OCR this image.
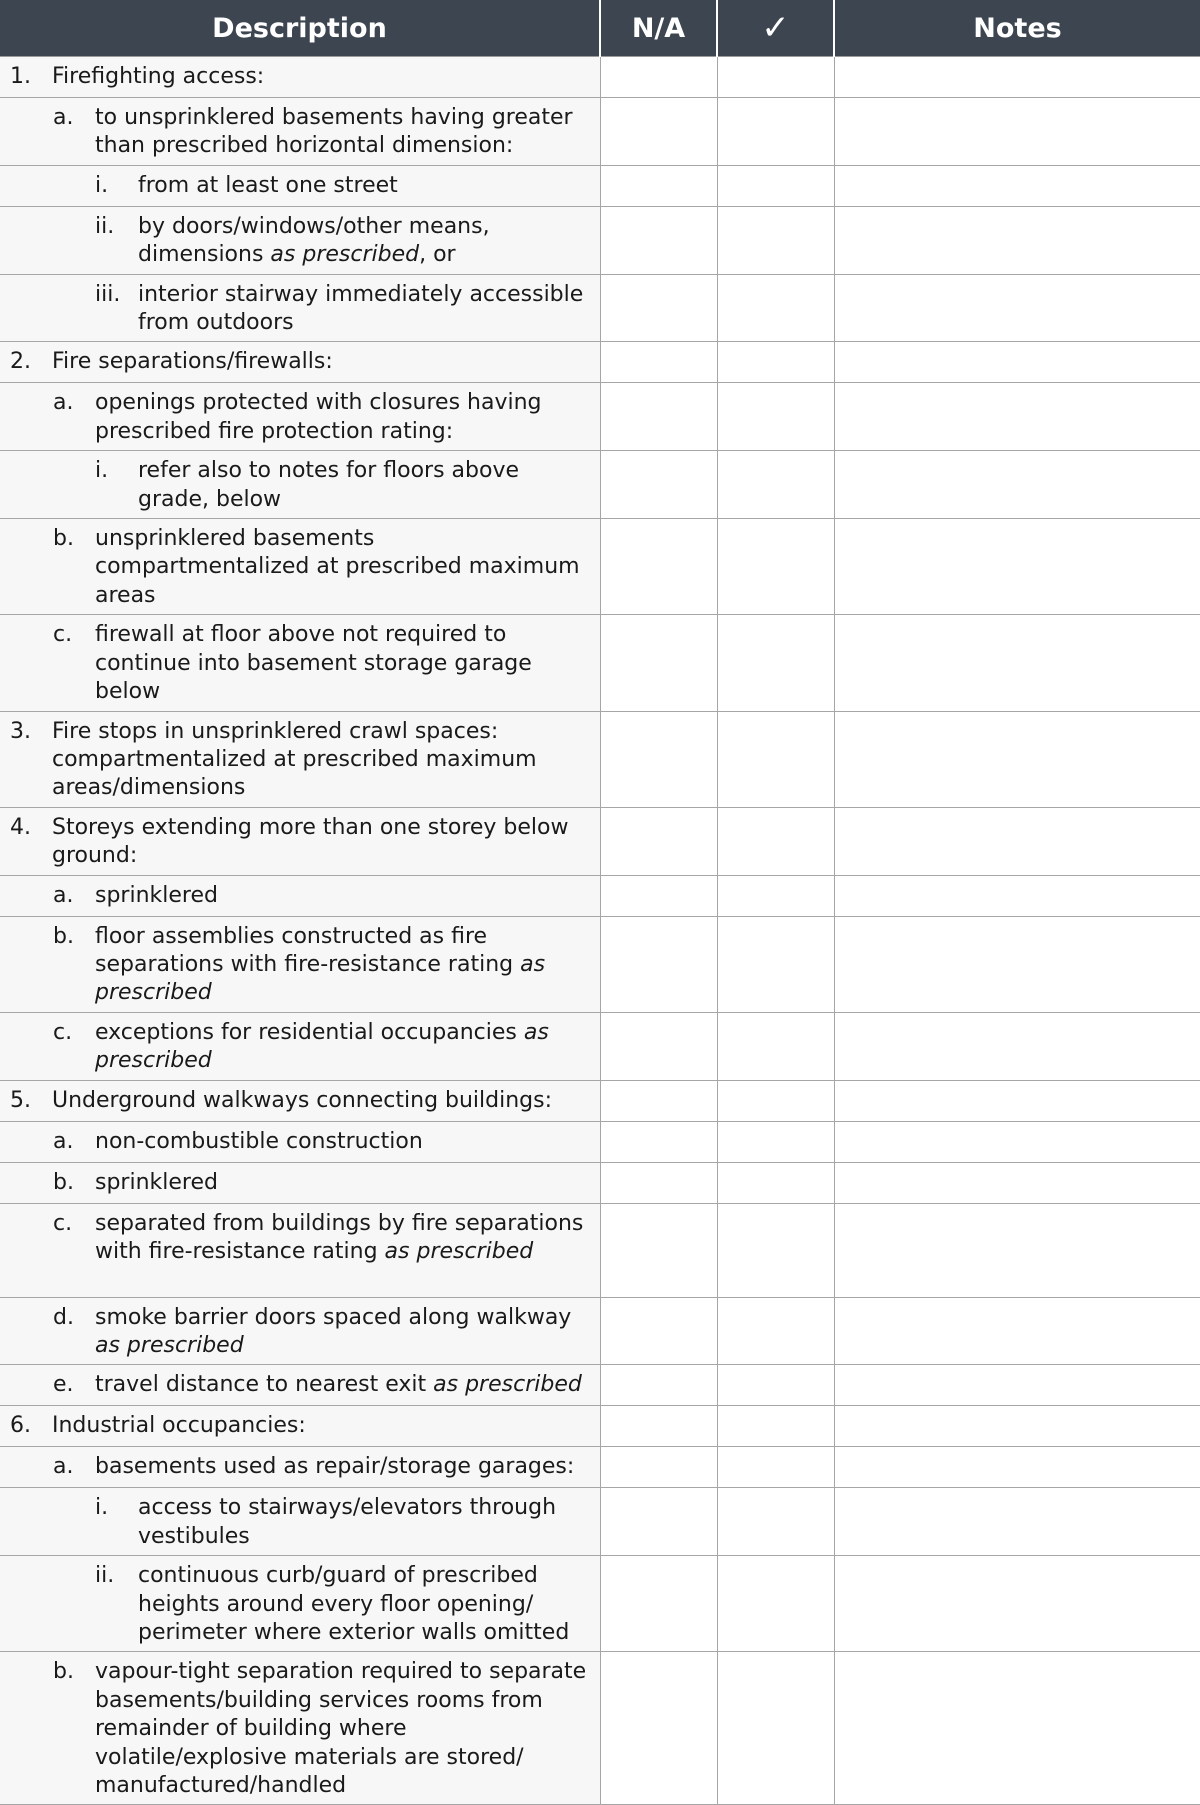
Description	N/A	✓	Notes

1. Firefighting access:			

a. to unsprinklered basements having greater than prescribed horizontal dimension:			

i. from at least one street			

ii. by doors/windows/other means, dimensions as prescribed, or			

iii. interior stairway immediately accessible from outdoors			

2. Fire separations/firewalls:			

a. openings protected with closures having prescribed fire protection rating:			

i. refer also to notes for floors above grade, below			

b. unsprinklered basements compartmentalized at prescribed maximum areas			

c. firewall at floor above not required to continue into basement storage garage below			

3. Fire stops in unsprinklered crawl spaces: compartmentalized at prescribed maximum areas/dimensions			

4. Storeys extending more than one storey below ground:			

a. sprinklered			

b. floor assemblies constructed as fire separations with fire-resistance rating as prescribed			

c. exceptions for residential occupancies as prescribed			

5. Underground walkways connecting buildings:			

a. non-combustible construction			

b. sprinklered			

c. separated from buildings by fire separations with fire-resistance rating as prescribed			

d. smoke barrier doors spaced along walkway as prescribed			

e. travel distance to nearest exit as prescribed			

6. Industrial occupancies:			

a. basements used as repair/storage garages:			

i. access to stairways/elevators through vestibules			

ii. continuous curb/guard of prescribed heights around every floor opening/ perimeter where exterior walls omitted			

b. vapour-tight separation required to separate basements/building services rooms from remainder of building where volatile/explosive materials are stored/ manufactured/handled			
